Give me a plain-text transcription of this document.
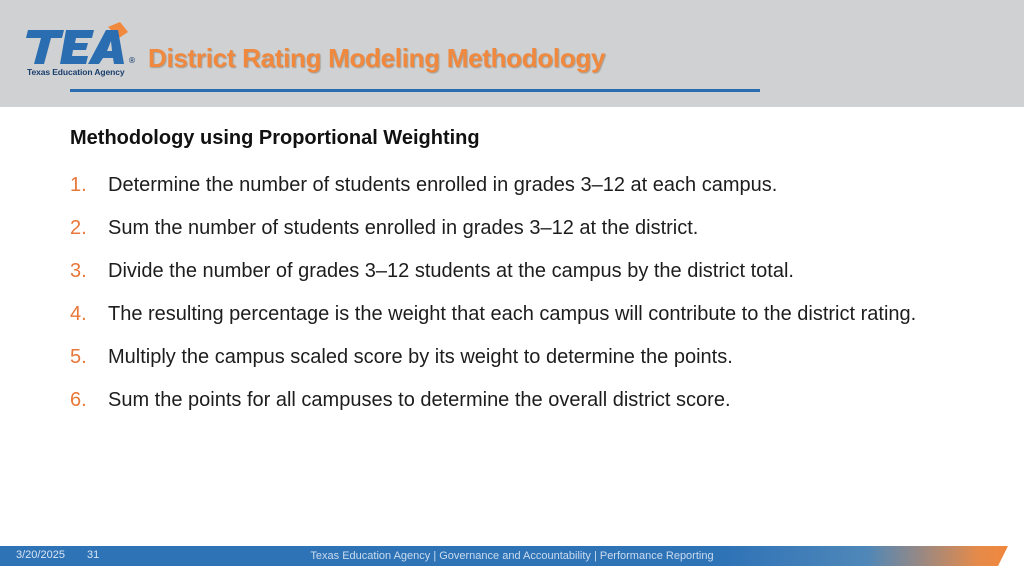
®
Texas Education Agency District Rating Modeling Methodology
Methodology using Proportional Weighting
1. Determine the number of students enrolled in grades 3–12 at each campus.
2. Sum the number of students enrolled in grades 3–12 at the district.
3. Divide the number of grades 3–12 students at the campus by the district total.
4. The resulting percentage is the weight that each campus will contribute to the district rating.
5. Multiply the campus scaled score by its weight to determine the points.
6. Sum the points for all campuses to determine the overall district score.
3/20/2025 31	Texas Education Agency | Governance and Accountability | Performance Reporting
